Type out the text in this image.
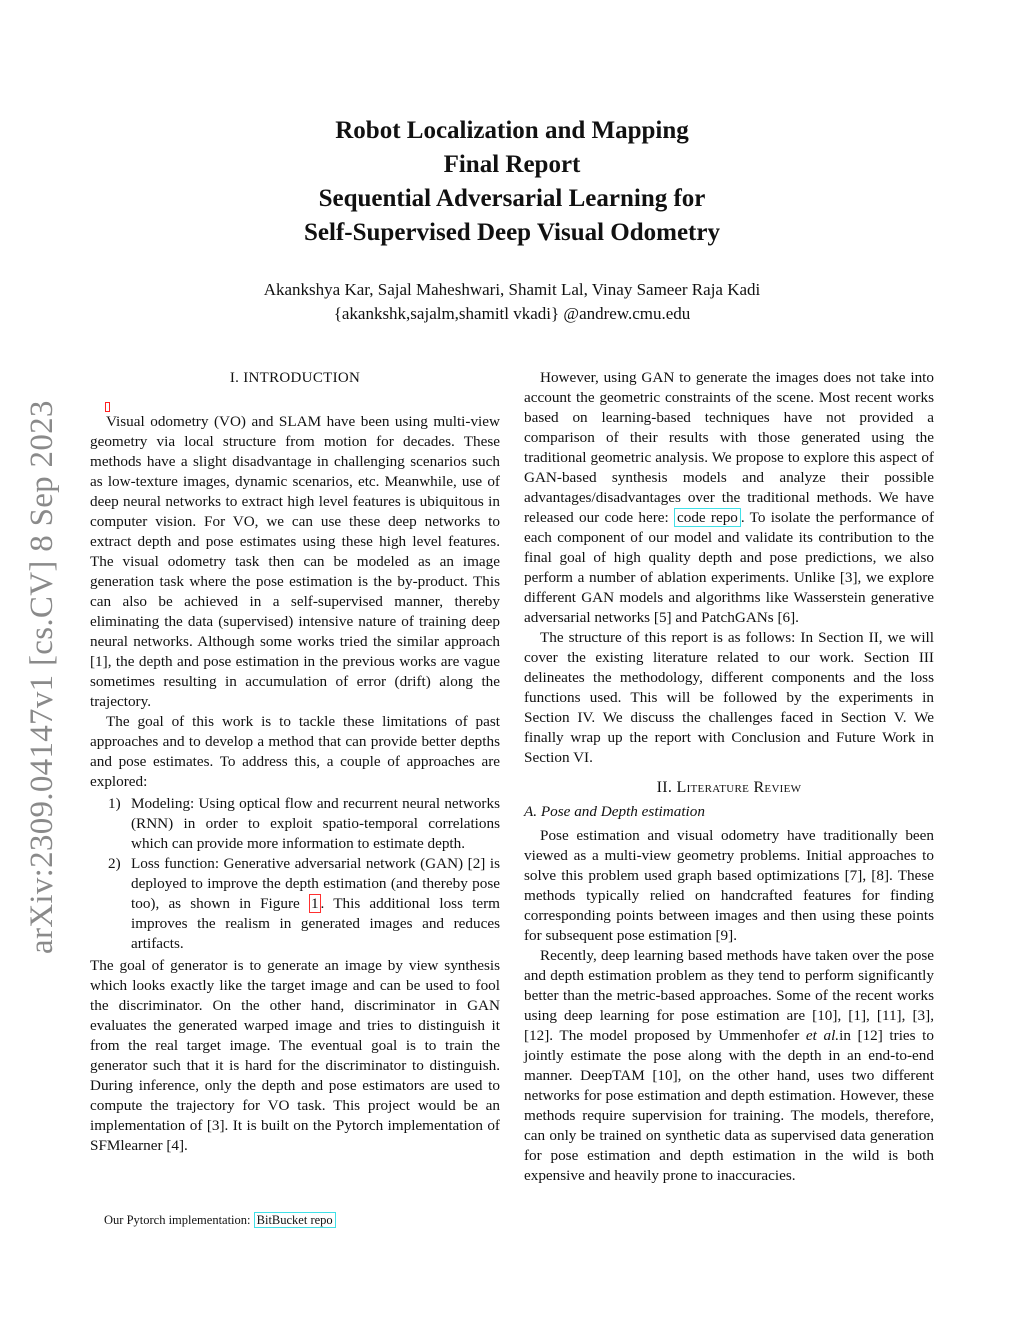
Robot Localization and Mapping
Final Report
Sequential Adversarial Learning for
Self-Supervised Deep Visual Odometry
Akankshya Kar, Sajal Maheshwari, Shamit Lal, Vinay Sameer Raja Kadi
{akankshk,sajalm,shamitl vkadi} @andrew.cmu.edu
arXiv:2309.04147v1 [cs.CV] 8 Sep 2023
I. INTRODUCTION

Visual odometry (VO) and SLAM have been using multi-view geometry via local structure from motion for decades. These methods have a slight disadvantage in challenging scenarios such as low-texture images, dynamic scenarios, etc. Meanwhile, use of deep neural networks to extract high level features is ubiquitous in computer vision. For VO, we can use these deep networks to extract depth and pose estimates using these high level features. The visual odometry task then can be modeled as an image generation task where the pose estimation is the by-product. This can also be achieved in a self-supervised manner, thereby eliminating the data (supervised) intensive nature of training deep neural networks. Although some works tried the similar approach [1], the depth and pose estimation in the previous works are vague sometimes resulting in accumulation of error (drift) along the trajectory.

The goal of this work is to tackle these limitations of past approaches and to develop a method that can provide better depths and pose estimates. To address this, a couple of approaches are explored:

1) Modeling: Using optical flow and recurrent neural networks (RNN) in order to exploit spatio-temporal correlations which can provide more information to estimate depth.
2) Loss function: Generative adversarial network (GAN) [2] is deployed to improve the depth estimation (and thereby pose too), as shown in Figure 1 . This additional loss term improves the realism in generated images and reduces artifacts.

The goal of generator is to generate an image by view synthesis which looks exactly like the target image and can be used to fool the discriminator. On the other hand, discriminator in GAN evaluates the generated warped image and tries to distinguish it from the real target image. The eventual goal is to train the generator such that it is hard for the discriminator to distinguish. During inference, only the depth and pose estimators are used to compute the trajectory for VO task. This project would be an implementation of [3]. It is built on the Pytorch implementation of SFMlearner [4].

However, using GAN to generate the images does not take into account the geometric constraints of the scene. Most recent works based on learning-based techniques have not provided a comparison of their results with those generated using the traditional geometric analysis. We propose to explore this aspect of GAN-based synthesis models and analyze their possible advantages/disadvantages over the traditional methods. We have released our code here: code repo . To isolate the performance of each component of our model and validate its contribution to the final goal of high quality depth and pose predictions, we also perform a number of ablation experiments. Unlike [3], we explore different GAN models and algorithms like Wasserstein generative adversarial networks [5] and PatchGANs [6].

The structure of this report is as follows: In Section II, we will cover the existing literature related to our work. Section III delineates the methodology, different components and the loss functions used. This will be followed by the experiments in Section IV. We discuss the challenges faced in Section V. We finally wrap up the report with Conclusion and Future Work in Section VI.

II. Literature Review
A. Pose and Depth estimation

Pose estimation and visual odometry have traditionally been viewed as a multi-view geometry problems. Initial approaches to solve this problem used graph based optimizations [7], [8]. These methods typically relied on handcrafted features for finding corresponding points between images and then using these points for subsequent pose estimation [9].

Recently, deep learning based methods have taken over the pose and depth estimation problem as they tend to perform significantly better than the metric-based approaches. Some of the recent works using deep learning for pose estimation are [10], [1], [11], [3], [12]. The model proposed by Ummenhofer et al.in [12] tries to jointly estimate the pose along with the depth in an end-to-end manner. DeepTAM [10], on the other hand, uses two different networks for pose estimation and depth estimation. However, these methods require supervision for training. The models, therefore, can only be trained on synthetic data as supervised data generation for pose estimation and depth estimation in the wild is both expensive and heavily prone to inaccuracies.

Our Pytorch implementation: BitBucket repo
